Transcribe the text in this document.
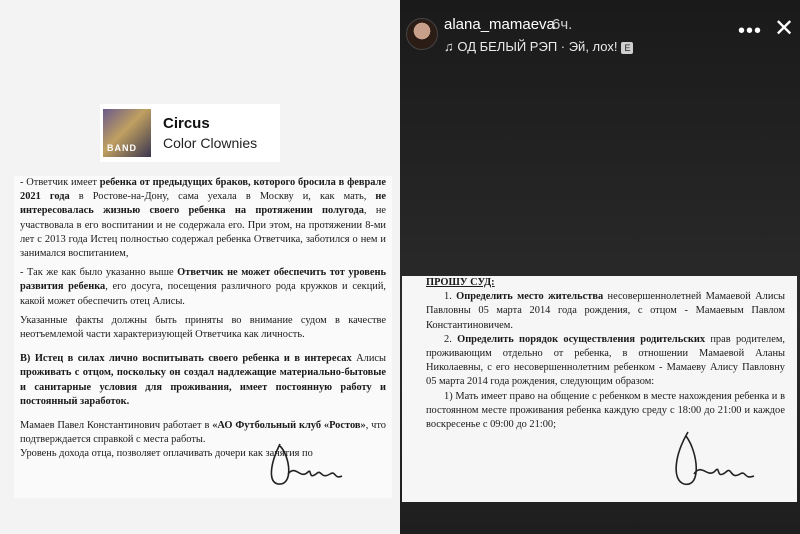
BAND
Circus
Color Clownies

- Ответчик имеет ребенка от предыдущих браков, которого бросила в феврале 2021 года в Ростове-на-Дону, сама уехала в Москву и, как мать, не интересовалась жизнью своего ребенка на протяжении полугода, не участвовала в его воспитании и не содержала его. При этом, на протяжении 8-ми лет с 2013 года Истец полностью содержал ребенка Ответчика, заботился о нем и занимался воспитанием,

- Так же как было указанно выше Ответчик не может обеспечить тот уровень развития ребенка, его досуга, посещения различного рода кружков и секций, какой может обеспечить отец Алисы.

Указанные факты должны быть приняты во внимание судом в качестве неотъемлемой части характеризующей Ответчика как личность.

В) Истец в силах лично воспитывать своего ребенка и в интересах Алисы проживать с отцом, поскольку он создал надлежащие материально-бытовые и санитарные условия для проживания, имеет постоянную работу и постоянный заработок.

Мамаев Павел Константинович работает в «АО Футбольный клуб «Ростов», что подтверждается справкой с места работы.

Уровень дохода отца, позволяет оплачивать дочери как занятия по

alana_mamaeva
6ч.
♫ ОД БЕЛЫЙ РЭП · Эй, лох! E
••• ✕

ПРОШУ СУД:

1. Определить место жительства несовершеннолетней Мамаевой Алисы Павловны 05 марта 2014 года рождения, с отцом - Мамаевым Павлом Константиновичем.

2. Определить порядок осуществления родительских прав родителем, проживающим отдельно от ребенка, в отношении Мамаевой Аланы Николаевны, с его несовершеннолетним ребенком - Мамаеву Алису Павловну 05 марта 2014 года рождения, следующим образом:

1) Мать имеет право на общение с ребенком в месте нахождения ребенка и в постоянном месте проживания ребенка каждую среду с 18:00 до 21:00 и каждое воскресенье с 09:00 до 21:00;
